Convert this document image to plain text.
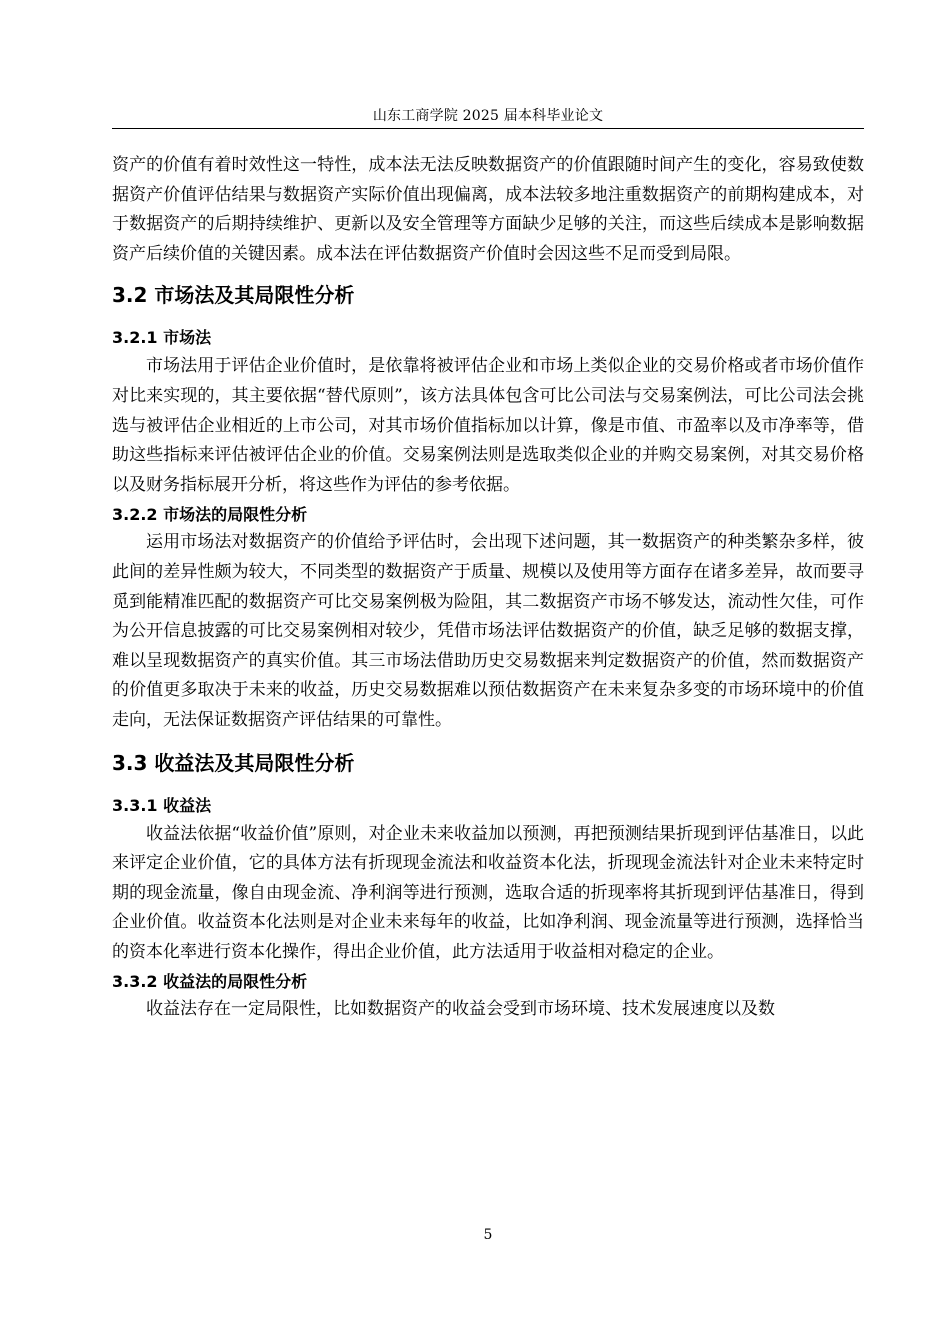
山东工商学院 2025 届本科毕业论文

资产的价值有着时效性这一特性，成本法无法反映数据资产的价值跟随时间产生的变化，容易致使数据资产价值评估结果与数据资产实际价值出现偏离，成本法较多地注重数据资产的前期构建成本，对于数据资产的后期持续维护、更新以及安全管理等方面缺少足够的关注，而这些后续成本是影响数据资产后续价值的关键因素。成本法在评估数据资产价值时会因这些不足而受到局限。

3.2 市场法及其局限性分析
3.2.1 市场法

市场法用于评估企业价值时，是依靠将被评估企业和市场上类似企业的交易价格或者市场价值作对比来实现的，其主要依据“替代原则”，该方法具体包含可比公司法与交易案例法，可比公司法会挑选与被评估企业相近的上市公司，对其市场价值指标加以计算，像是市值、市盈率以及市净率等，借助这些指标来评估被评估企业的价值。交易案例法则是选取类似企业的并购交易案例，对其交易价格以及财务指标展开分析，将这些作为评估的参考依据。

3.2.2 市场法的局限性分析

运用市场法对数据资产的价值给予评估时，会出现下述问题，其一数据资产的种类繁杂多样，彼此间的差异性颇为较大，不同类型的数据资产于质量、规模以及使用等方面存在诸多差异，故而要寻觅到能精准匹配的数据资产可比交易案例极为险阻，其二数据资产市场不够发达，流动性欠佳，可作为公开信息披露的可比交易案例相对较少，凭借市场法评估数据资产的价值，缺乏足够的数据支撑，难以呈现数据资产的真实价值。其三市场法借助历史交易数据来判定数据资产的价值，然而数据资产的价值更多取决于未来的收益，历史交易数据难以预估数据资产在未来复杂多变的市场环境中的价值走向，无法保证数据资产评估结果的可靠性。

3.3 收益法及其局限性分析
3.3.1 收益法

收益法依据“收益价值”原则，对企业未来收益加以预测，再把预测结果折现到评估基准日，以此来评定企业价值，它的具体方法有折现现金流法和收益资本化法，折现现金流法针对企业未来特定时期的现金流量，像自由现金流、净利润等进行预测，选取合适的折现率将其折现到评估基准日，得到企业价值。收益资本化法则是对企业未来每年的收益，比如净利润、现金流量等进行预测，选择恰当的资本化率进行资本化操作，得出企业价值，此方法适用于收益相对稳定的企业。

3.3.2 收益法的局限性分析

收益法存在一定局限性，比如数据资产的收益会受到市场环境、技术发展速度以及数

5
